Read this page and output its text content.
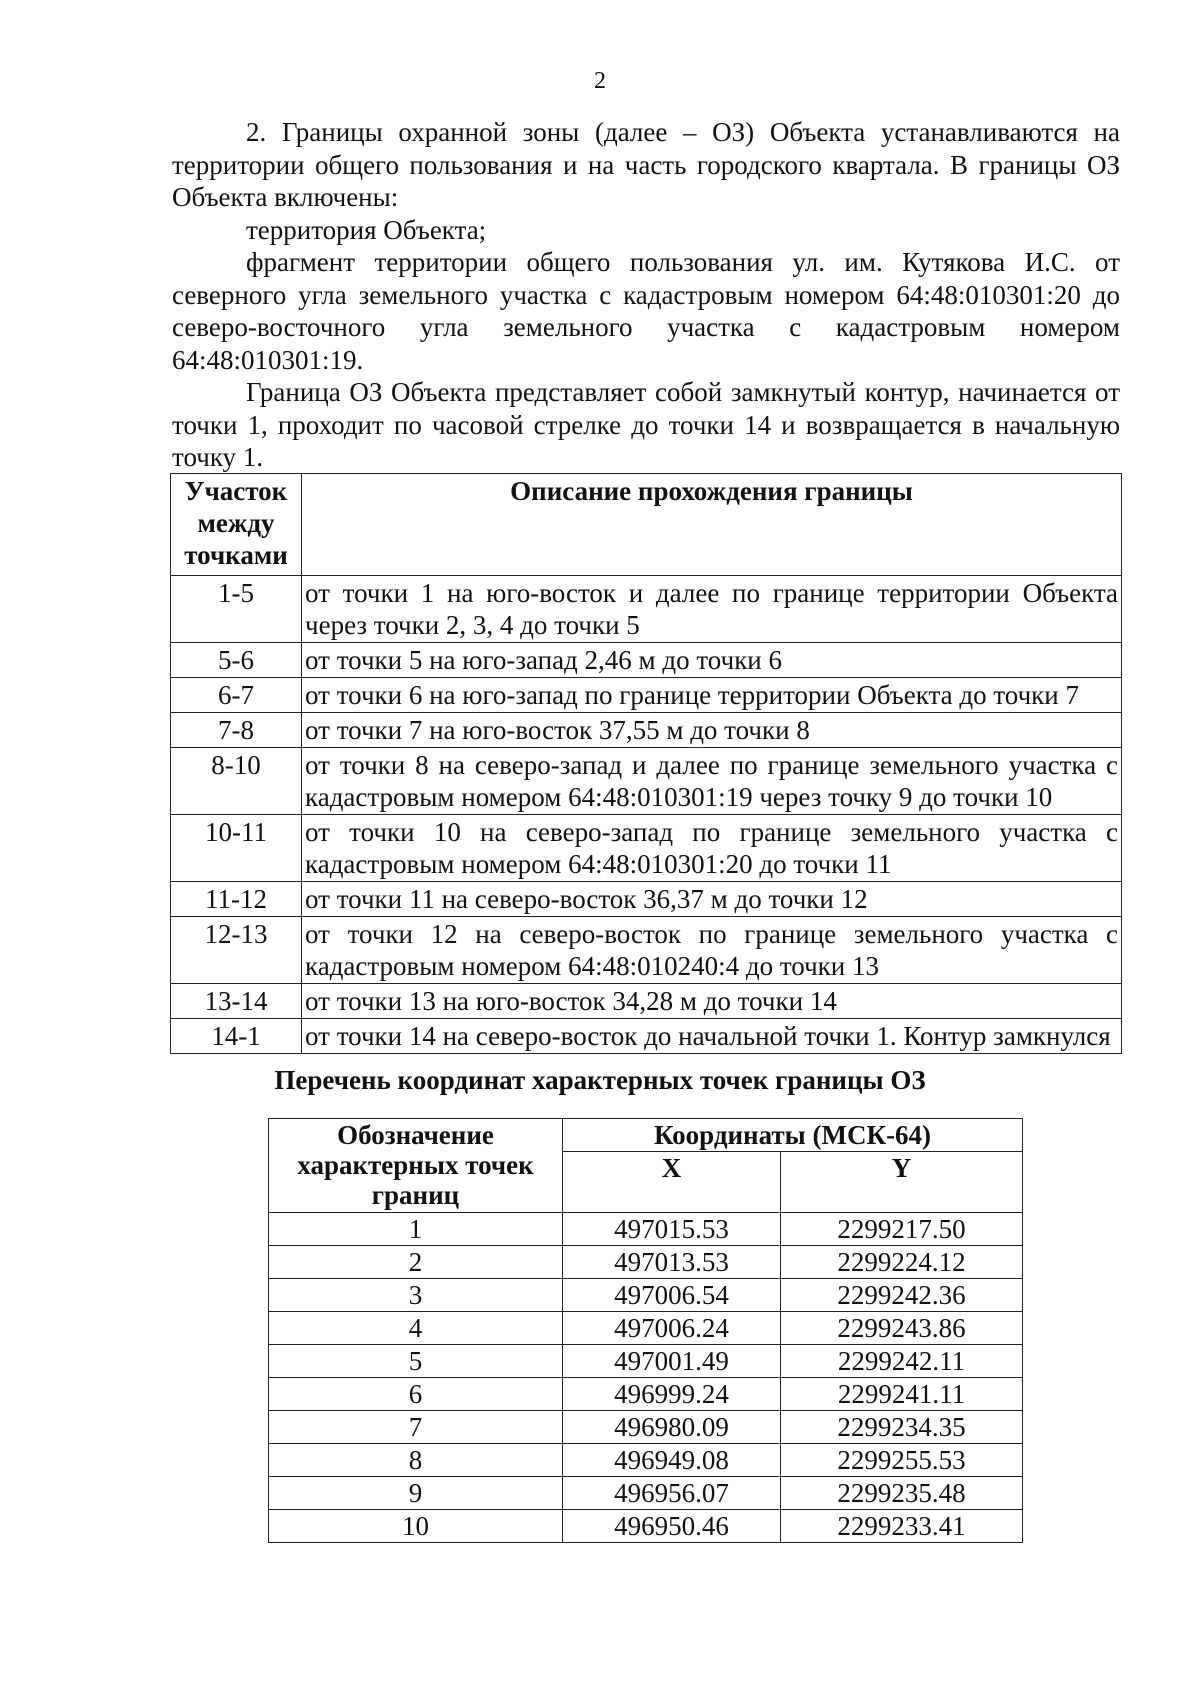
2

2. Границы охранной зоны (далее – ОЗ) Объекта устанавливаются на территории общего пользования и на часть городского квартала. В границы ОЗ Объекта включены:

территория Объекта;

фрагмент территории общего пользования ул. им. Кутякова И.С. от северного угла земельного участка с кадастровым номером 64:48:010301:20 до северо-восточного угла земельного участка с кадастровым номером 64:48:010301:19.

Граница ОЗ Объекта представляет собой замкнутый контур, начинается от точки 1, проходит по часовой стрелке до точки 14 и возвращается в начальную точку 1.

Участок между точками	Описание прохождения границы
1-5	от точки 1 на юго-восток и далее по границе территории Объекта через точки 2, 3, 4 до точки 5
5-6	от точки 5 на юго-запад 2,46 м до точки 6
6-7	от точки 6 на юго-запад по границе территории Объекта до точки 7
7-8	от точки 7 на юго-восток 37,55 м до точки 8
8-10	от точки 8 на северо-запад и далее по границе земельного участка с кадастровым номером 64:48:010301:19 через точку 9 до точки 10
10-11	от точки 10 на северо-запад по границе земельного участка с кадастровым номером 64:48:010301:20 до точки 11
11-12	от точки 11 на северо-восток 36,37 м до точки 12
12-13	от точки 12 на северо-восток по границе земельного участка с кадастровым номером 64:48:010240:4 до точки 13
13-14	от точки 13 на юго-восток 34,28 м до точки 14
14-1	от точки 14 на северо-восток до начальной точки 1. Контур замкнулся
Перечень координат характерных точек границы ОЗ
Обозначение характерных точек границ	Координаты (МСК-64)	
	X	Y
1	497015.53	2299217.50
2	497013.53	2299224.12
3	497006.54	2299242.36
4	497006.24	2299243.86
5	497001.49	2299242.11
6	496999.24	2299241.11
7	496980.09	2299234.35
8	496949.08	2299255.53
9	496956.07	2299235.48
10	496950.46	2299233.41
